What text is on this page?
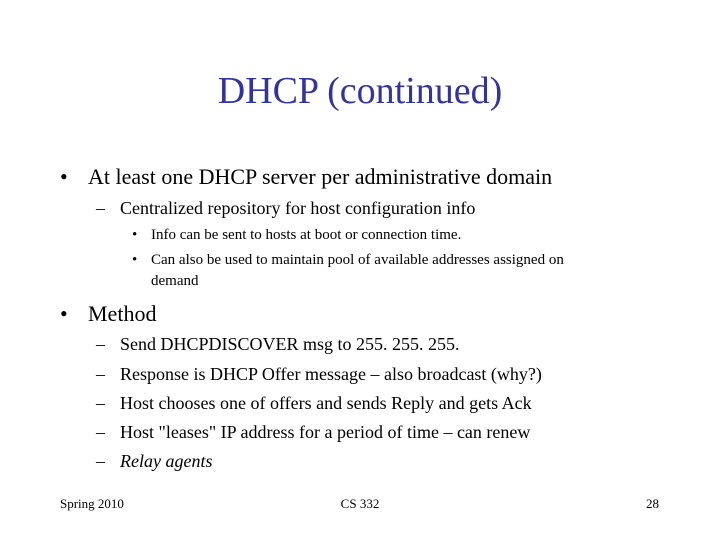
DHCP (continued)
• At least one DHCP server per administrative domain
– Centralized repository for host configuration info
• Info can be sent to hosts at boot or connection time.
• Can also be used to maintain pool of available addresses assigned on
demand
• Method
– Send DHCPDISCOVER msg to 255. 255. 255.
– Response is DHCP Offer message – also broadcast (why?)
– Host chooses one of offers and sends Reply and gets Ack
– Host "leases" IP address for a period of time – can renew
– Relay agents
Spring 2010	CS 332	28
